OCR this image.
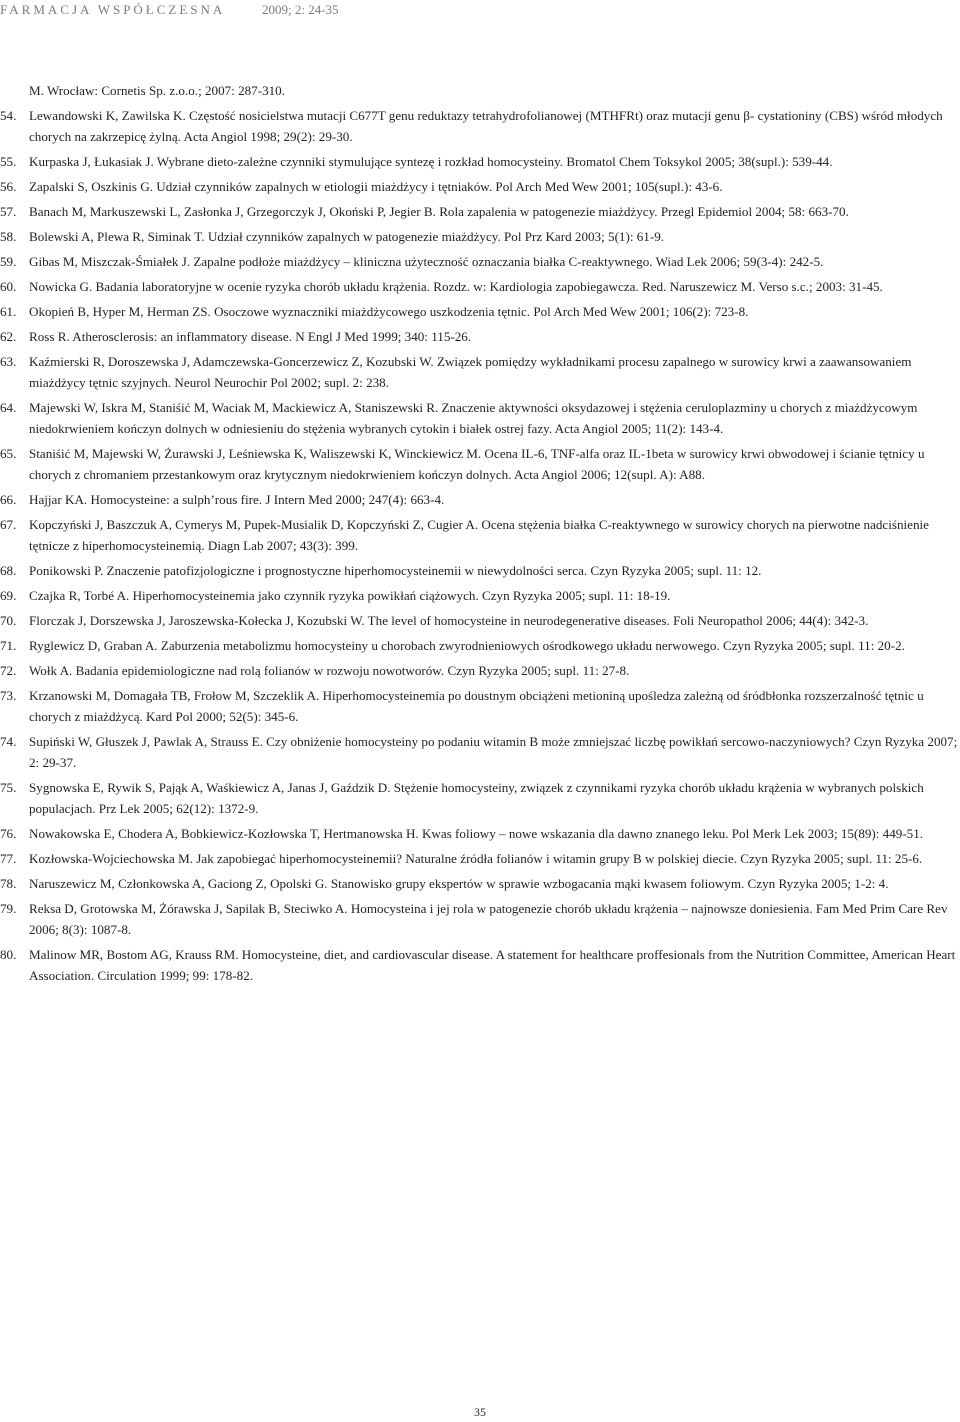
FARMACJA WSPÓŁCZESNA	2009; 2: 24-35
M. Wrocław: Cornetis Sp. z.o.o.; 2007: 287-310.
54. Lewandowski K, Zawilska K. Częstość nosicielstwa mutacji C677T genu reduktazy tetrahydrofolianowej (MTHFRt) oraz mutacji genu β- cystationiny (CBS) wśród młodych chorych na zakrzepicę żylną. Acta Angiol 1998; 29(2): 29-30.
55. Kurpaska J, Łukasiak J. Wybrane dieto-zależne czynniki stymulujące syntezę i rozkład homocysteiny. Bromatol Chem Toksykol 2005; 38(supl.): 539-44.
56. Zapalski S, Oszkinis G. Udział czynników zapalnych w etiologii miażdżycy i tętniaków. Pol Arch Med Wew 2001; 105(supl.): 43-6.
57. Banach M, Markuszewski L, Zasłonka J, Grzegorczyk J, Okoński P, Jegier B. Rola zapalenia w patogenezie miażdżycy. Przegl Epidemiol 2004; 58: 663-70.
58. Bolewski A, Plewa R, Siminak T. Udział czynników zapalnych w patogenezie miażdżycy. Pol Prz Kard 2003; 5(1): 61-9.
59. Gibas M, Miszczak-Śmiałek J. Zapalne podłoże miażdżycy – kliniczna użyteczność oznaczania białka C-reaktywnego. Wiad Lek 2006; 59(3-4): 242-5.
60. Nowicka G. Badania laboratoryjne w ocenie ryzyka chorób układu krążenia. Rozdz. w: Kardiologia zapobiegawcza. Red. Naruszewicz M. Verso s.c.; 2003: 31-45.
61. Okopień B, Hyper M, Herman ZS. Osoczowe wyznaczniki miażdżycowego uszkodzenia tętnic. Pol Arch Med Wew 2001; 106(2): 723-8.
62. Ross R. Atherosclerosis: an inflammatory disease. N Engl J Med 1999; 340: 115-26.
63. Kaźmierski R, Doroszewska J, Adamczewska-Goncerzewicz Z, Kozubski W. Związek pomiędzy wykładnikami procesu zapalnego w surowicy krwi a zaawansowaniem miażdżycy tętnic szyjnych. Neurol Neurochir Pol 2002; supl. 2: 238.
64. Majewski W, Iskra M, Staniśić M, Waciak M, Mackiewicz A, Staniszewski R. Znaczenie aktywności oksydazowej i stężenia ceruloplazminy u chorych z miażdżycowym niedokrwieniem kończyn dolnych w odniesieniu do stężenia wybranych cytokin i białek ostrej fazy. Acta Angiol 2005; 11(2): 143-4.
65. Staniśić M, Majewski W, Żurawski J, Leśniewska K, Waliszewski K, Winckiewicz M. Ocena IL-6, TNF-alfa oraz IL-1beta w surowicy krwi obwodowej i ścianie tętnicy u chorych z chromaniem przestankowym oraz krytycznym niedokrwieniem kończyn dolnych. Acta Angiol 2006; 12(supl. A): A88.
66. Hajjar KA. Homocysteine: a sulph’rous fire. J Intern Med 2000; 247(4): 663-4.
67. Kopczyński J, Baszczuk A, Cymerys M, Pupek-Musialik D, Kopczyński Z, Cugier A. Ocena stężenia białka C-reaktywnego w surowicy chorych na pierwotne nadciśnienie tętnicze z hiperhomocysteinemią. Diagn Lab 2007; 43(3): 399.
68. Ponikowski P. Znaczenie patofizjologiczne i prognostyczne hiperhomocysteinemii w niewydolności serca. Czyn Ryzyka 2005; supl. 11: 12.
69. Czajka R, Torbé A. Hiperhomocysteinemia jako czynnik ryzyka powikłań ciążowych. Czyn Ryzyka 2005; supl. 11: 18-19.
70. Florczak J, Dorszewska J, Jaroszewska-Kołecka J, Kozubski W. The level of homocysteine in neurodegenerative diseases. Foli Neuropathol 2006; 44(4): 342-3.
71. Ryglewicz D, Graban A. Zaburzenia metabolizmu homocysteiny u chorobach zwyrodnieniowych ośrodkowego układu nerwowego. Czyn Ryzyka 2005; supl. 11: 20-2.
72. Wołk A. Badania epidemiologiczne nad rolą folianów w rozwoju nowotworów. Czyn Ryzyka 2005; supl. 11: 27-8.
73. Krzanowski M, Domagała TB, Frołow M, Szczeklik A. Hiperhomocysteinemia po doustnym obciążeni metioniną upośledza zależną od śródbłonka rozszerzalność tętnic u chorych z miażdżycą. Kard Pol 2000; 52(5): 345-6.
74. Supiński W, Głuszek J, Pawlak A, Strauss E. Czy obniżenie homocysteiny po podaniu witamin B może zmniejszać liczbę powikłań sercowo-naczyniowych? Czyn Ryzyka 2007; 2: 29-37.
75. Sygnowska E, Rywik S, Pająk A, Waśkiewicz A, Janas J, Gaździk D. Stężenie homocysteiny, związek z czynnikami ryzyka chorób układu krążenia w wybranych polskich populacjach. Prz Lek 2005; 62(12): 1372-9.
76. Nowakowska E, Chodera A, Bobkiewicz-Kozłowska T, Hertmanowska H. Kwas foliowy – nowe wskazania dla dawno znanego leku. Pol Merk Lek 2003; 15(89): 449-51.
77. Kozłowska-Wojciechowska M. Jak zapobiegać hiperhomocysteinemii? Naturalne źródła folianów i witamin grupy B w polskiej diecie. Czyn Ryzyka 2005; supl. 11: 25-6.
78. Naruszewicz M, Członkowska A, Gaciong Z, Opolski G. Stanowisko grupy ekspertów w sprawie wzbogacania mąki kwasem foliowym. Czyn Ryzyka 2005; 1-2: 4.
79. Reksa D, Grotowska M, Żórawska J, Sapilak B, Steciwko A. Homocysteina i jej rola w patogenezie chorób układu krążenia – najnowsze doniesienia. Fam Med Prim Care Rev 2006; 8(3): 1087-8.
80. Malinow MR, Bostom AG, Krauss RM. Homocysteine, diet, and cardiovascular disease. A statement for healthcare proffesionals from the Nutrition Committee, American Heart Association. Circulation 1999; 99: 178-82.
35
